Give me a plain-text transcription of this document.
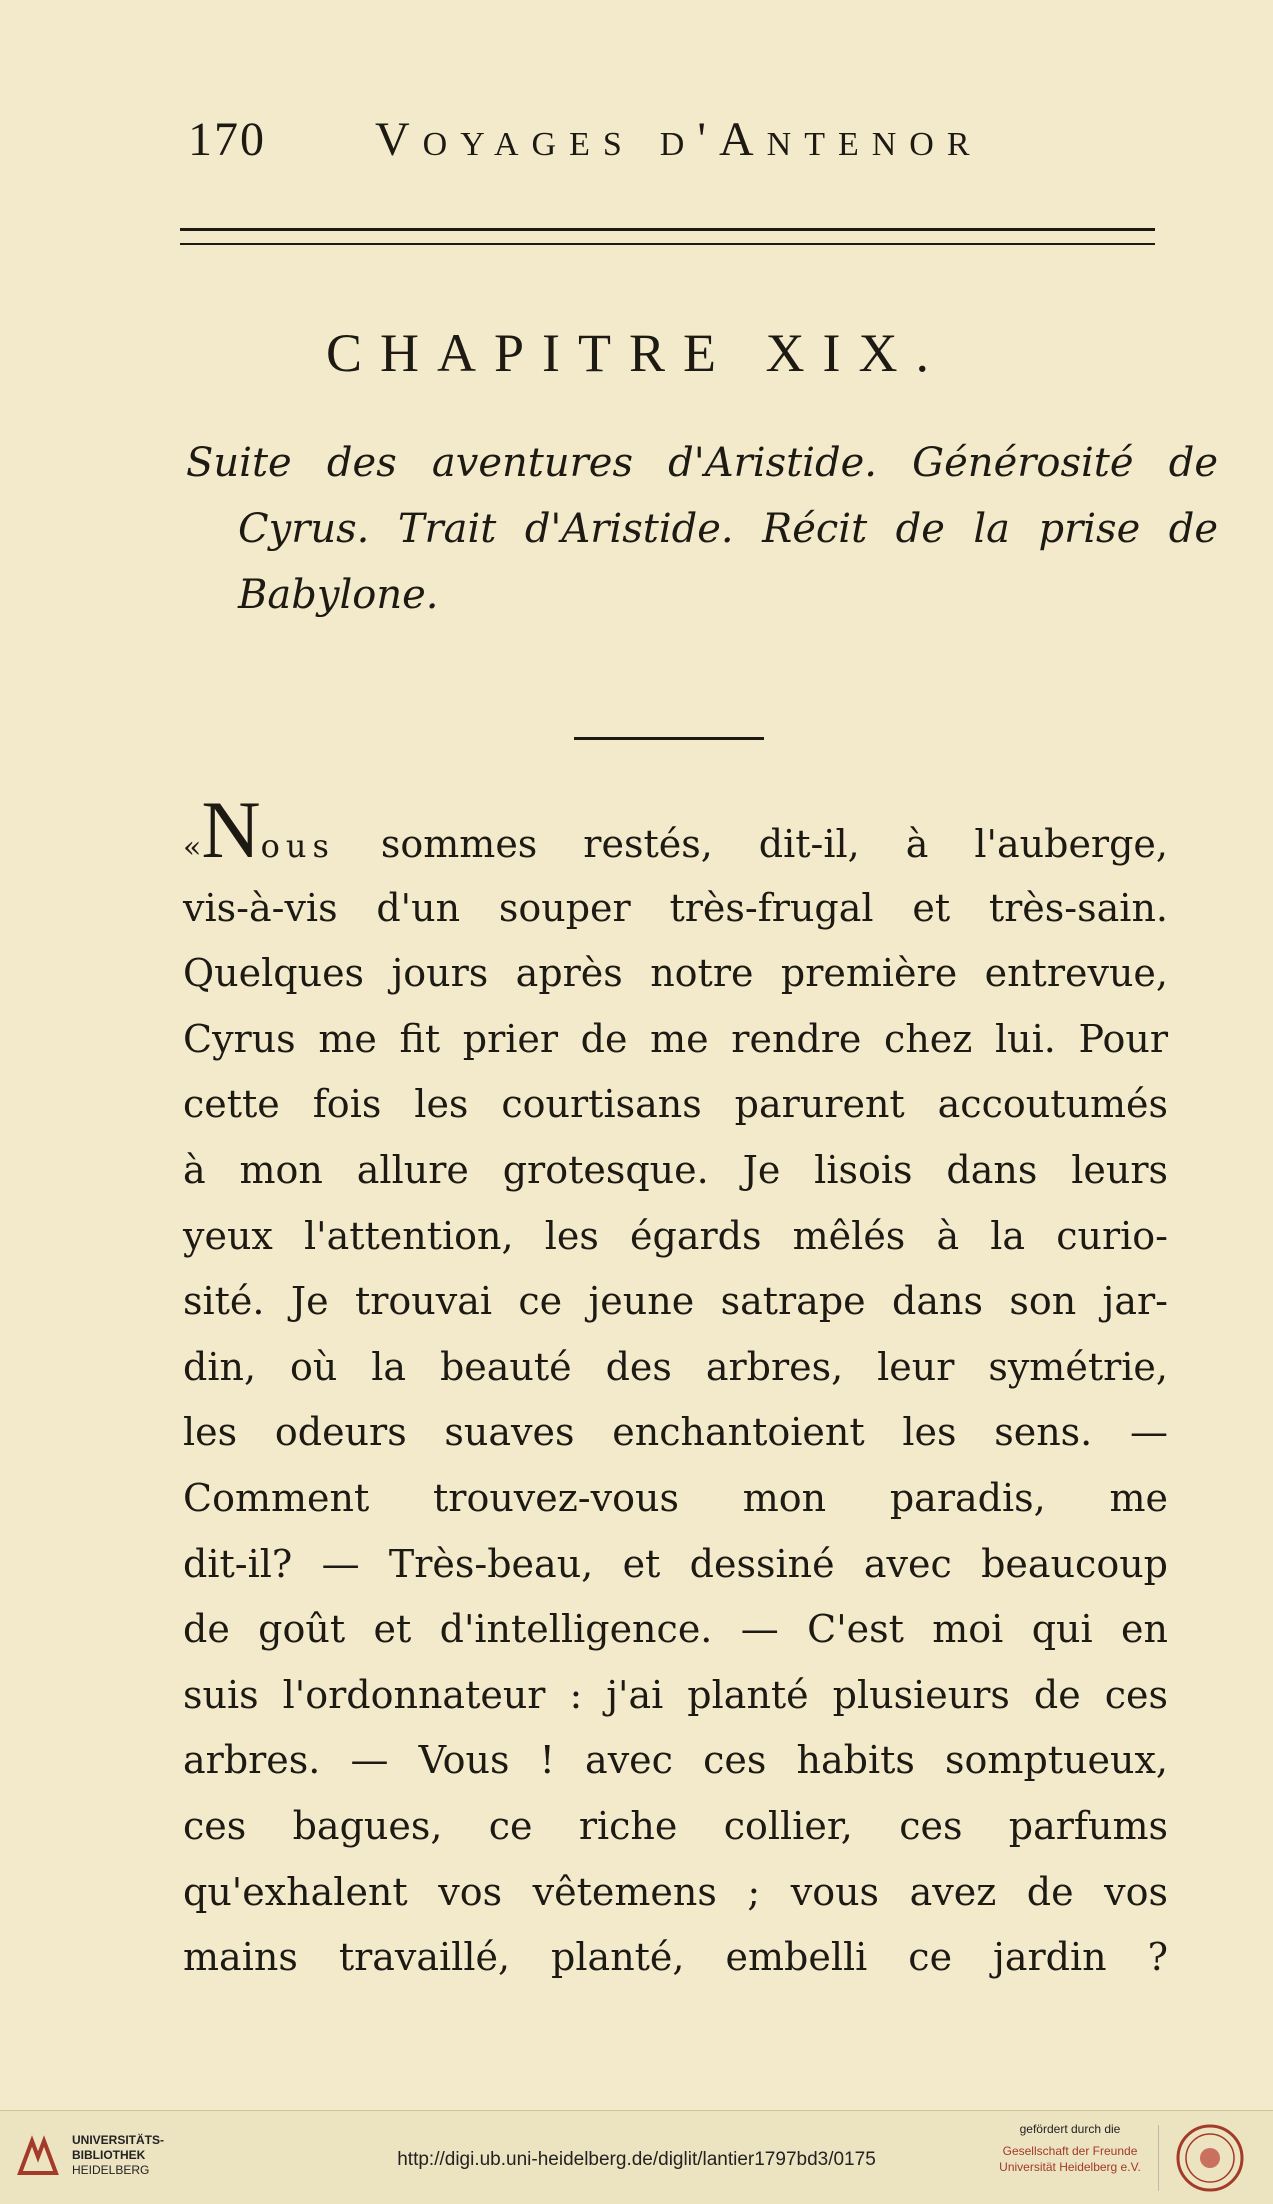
170 Voyages d'Antenor
CHAPITRE XIX.
Suite des aventures d'Aristide. Générosité de Cyrus. Trait d'Aristide. Récit de la prise de Babylone.
«Nous sommes restés, dit-il, à l'auberge,
vis-à-vis d'un souper très-frugal et très-sain.
Quelques jours après notre première entrevue,
Cyrus me fit prier de me rendre chez lui. Pour
cette fois les courtisans parurent accoutumés
à mon allure grotesque. Je lisois dans leurs
yeux l'attention, les égards mêlés à la curio-
sité. Je trouvai ce jeune satrape dans son jar-
din, où la beauté des arbres, leur symétrie,
les odeurs suaves enchantoient les sens. —
Comment trouvez-vous mon paradis, me
dit-il? — Très-beau, et dessiné avec beaucoup
de goût et d'intelligence. — C'est moi qui en
suis l'ordonnateur : j'ai planté plusieurs de ces
arbres. — Vous ! avec ces habits somptueux,
ces bagues, ce riche collier, ces parfums
qu'exhalent vos vêtemens ; vous avez de vos
mains travaillé, planté, embelli ce jardin ?
UNIVERSITÄTS-
BIBLIOTHEK
HEIDELBERG	http://digi.ub.uni-heidelberg.de/diglit/lantier1797bd3/0175
gefördert durch die
Gesellschaft der Freunde
Universität Heidelberg e.V.
